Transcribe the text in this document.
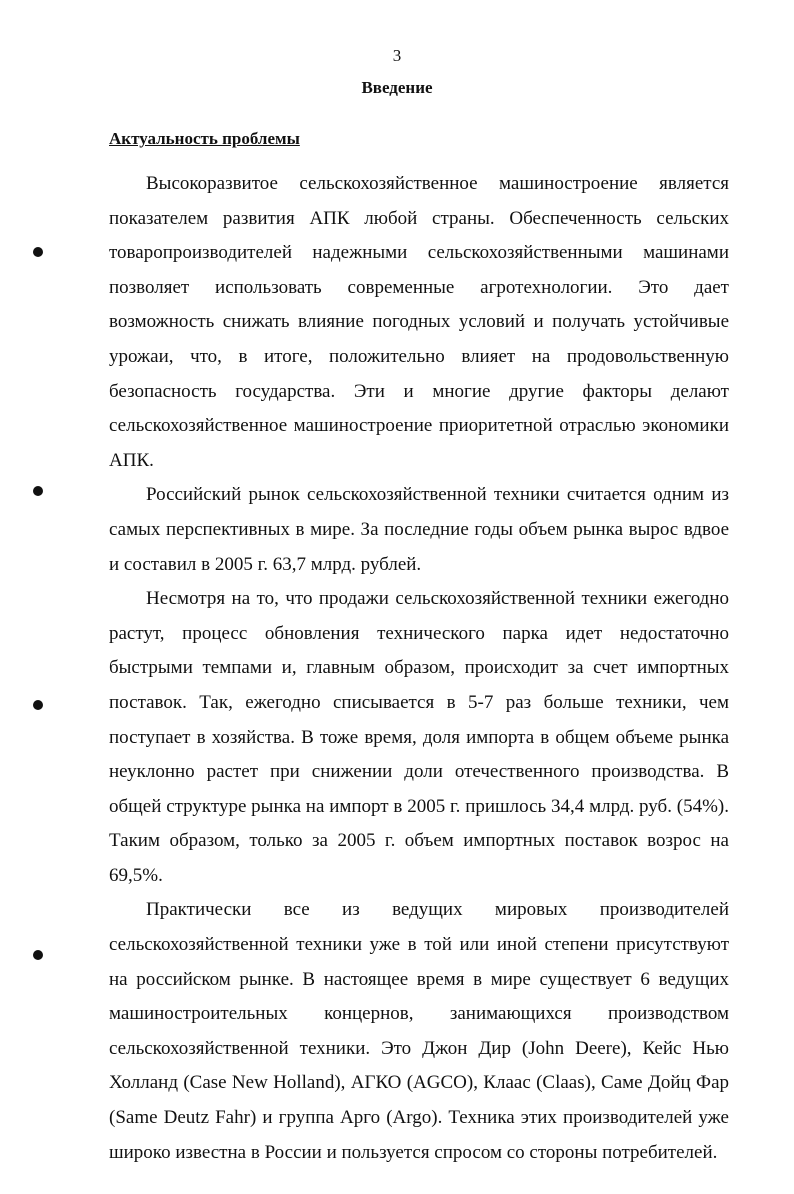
3
Введение
Актуальность проблемы

Высокоразвитое сельскохозяйственное машиностроение является показателем развития АПК любой страны. Обеспеченность сельских товаропроизводителей надежными сельскохозяйственными машинами позволяет использовать современные агротехнологии. Это дает возможность снижать влияние погодных условий и получать устойчивые урожаи, что, в итоге, положительно влияет на продовольственную безопасность государства. Эти и многие другие факторы делают сельскохозяйственное машиностроение приоритетной отраслью экономики АПК.

Российский рынок сельскохозяйственной техники считается одним из самых перспективных в мире. За последние годы объем рынка вырос вдвое и составил в 2005 г. 63,7 млрд. рублей.

Несмотря на то, что продажи сельскохозяйственной техники ежегодно растут, процесс обновления технического парка идет недостаточно быстрыми темпами и, главным образом, происходит за счет импортных поставок. Так, ежегодно списывается в 5-7 раз больше техники, чем поступает в хозяйства. В тоже время, доля импорта в общем объеме рынка неуклонно растет при снижении доли отечественного производства. В общей структуре рынка на импорт в 2005 г. пришлось 34,4 млрд. руб. (54%). Таким образом, только за 2005 г. объем импортных поставок возрос на 69,5%.

Практически все из ведущих мировых производителей сельскохозяйственной техники уже в той или иной степени присутствуют на российском рынке. В настоящее время в мире существует 6 ведущих машиностроительных концернов, занимающихся производством сельскохозяйственной техники. Это Джон Дир (John Deere), Кейс Нью Холланд (Case New Holland), АГКО (AGCO), Клаас (Claas), Саме Дойц Фар (Same Deutz Fahr) и группа Арго (Argo). Техника этих производителей уже широко известна в России и пользуется спросом со стороны потребителей.
